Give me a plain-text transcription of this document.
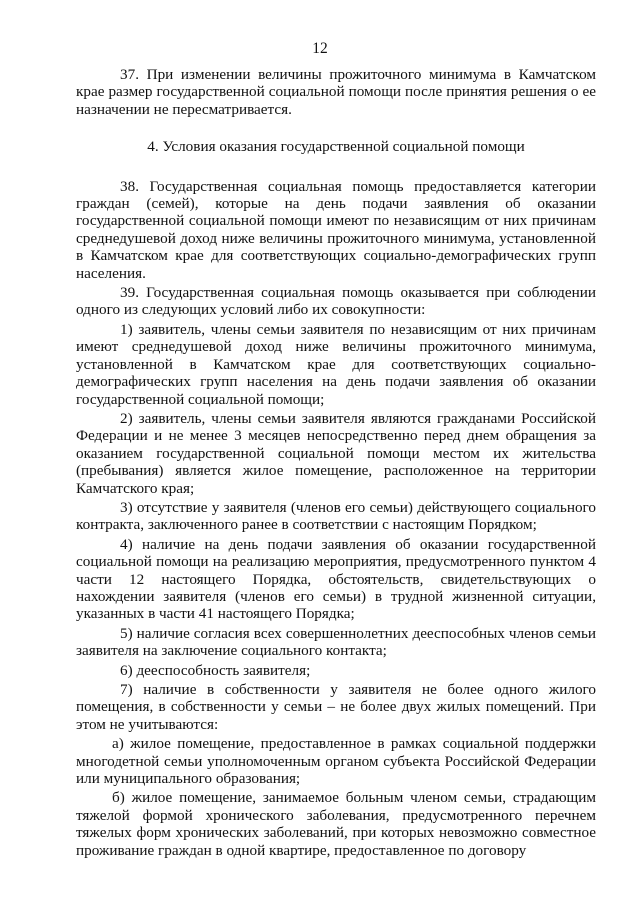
12

37. При изменении величины прожиточного минимума в Камчатском крае размер государственной социальной помощи после принятия решения о ее назначении не пересматривается.

4. Условия оказания государственной социальной помощи

38. Государственная социальная помощь предоставляется категории граждан (семей), которые на день подачи заявления об оказании государственной социальной помощи имеют по независящим от них причинам среднедушевой доход ниже величины прожиточного минимума, установленной в Камчатском крае для соответствующих социально-демографических групп населения.

39. Государственная социальная помощь оказывается при соблюдении одного из следующих условий либо их совокупности:

1) заявитель, члены семьи заявителя по независящим от них причинам имеют среднедушевой доход ниже величины прожиточного минимума, установленной в Камчатском крае для соответствующих социально-демографических групп населения на день подачи заявления об оказании государственной социальной помощи;

2) заявитель, члены семьи заявителя являются гражданами Российской Федерации и не менее 3 месяцев непосредственно перед днем обращения за оказанием государственной социальной помощи местом их жительства (пребывания) является жилое помещение, расположенное на территории Камчатского края;

3) отсутствие у заявителя (членов его семьи) действующего социального контракта, заключенного ранее в соответствии с настоящим Порядком;

4) наличие на день подачи заявления об оказании государственной социальной помощи на реализацию мероприятия, предусмотренного пунктом 4 части 12 настоящего Порядка, обстоятельств, свидетельствующих о нахождении заявителя (членов его семьи) в трудной жизненной ситуации, указанных в части 41 настоящего Порядка;

5) наличие согласия всех совершеннолетних дееспособных членов семьи заявителя на заключение социального контакта;

6) дееспособность заявителя;

7) наличие в собственности у заявителя не более одного жилого помещения, в собственности у семьи – не более двух жилых помещений. При этом не учитываются:

а) жилое помещение, предоставленное в рамках социальной поддержки многодетной семьи уполномоченным органом субъекта Российской Федерации или муниципального образования;

б) жилое помещение, занимаемое больным членом семьи, страдающим тяжелой формой хронического заболевания, предусмотренного перечнем тяжелых форм хронических заболеваний, при которых невозможно совместное проживание граждан в одной квартире, предоставленное по договору
